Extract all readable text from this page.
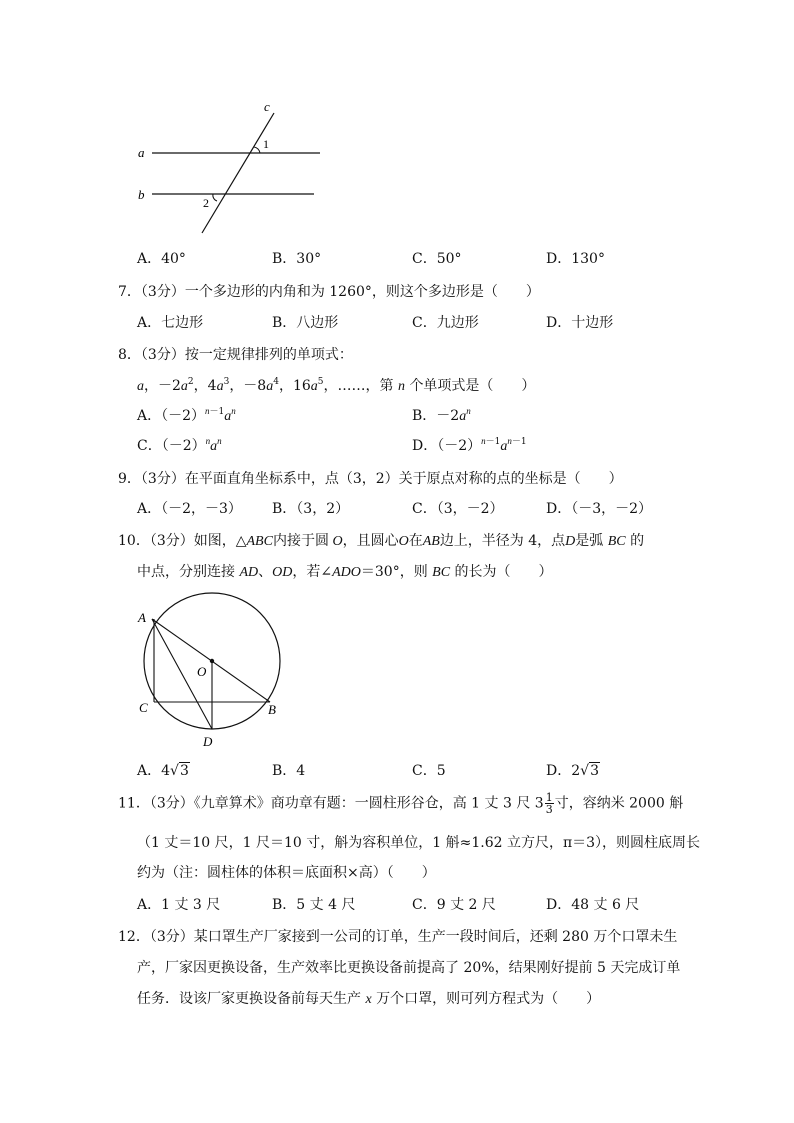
a
b
c
1
2
A．40°	B．30°	C．50°	D．130°
7．（3分）一个多边形的内角和为 1260°，则这个多边形是（　　）
A．七边形	B．八边形	C．九边形	D．十边形
8．（3分）按一定规律排列的单项式：
a，$-2a^2$，$4a^3$，$-8a^4$，$16a^5$，……，第 n 个单项式是（　　）
A．$(-2)^{n-1}a^n$	B．$-2a^n$
C．$(-2)^na^n$	D．$(-2)^{n-1}a^{n-1}$
9．（3分）在平面直角坐标系中，点（3，2）关于原点对称的点的坐标是（　　）
A．（－2，－3） B．（3，2）	C．（3，－2）	D．（－3，－2）
10．（3分）如图，△ABC内接于圆 O，且圆心O在AB边上，半径为 4，点D是弧 BC 的
中点，分别连接 AD、OD，若∠ADO＝30°，则 BC 的长为（　　）
A
O
C	B
D
A．4√3	B．4	C．5	D．2√3
11．（3分）《九章算术》商功章有题：一圆柱形谷仓，高 1 丈 3 尺 $3 \frac{1}{3}$ 寸，容纳米 2000 斛
（1 丈＝10 尺，1 尺＝10 寸，斛为容积单位，1 斛≈1.62 立方尺，π＝3），则圆柱底周长
约为（注：圆柱体的体积＝底面积×高）（　　）
A．1 丈 3 尺	B．5 丈 4 尺	C．9 丈 2 尺	D．48 丈 6 尺
12．（3分）某口罩生产厂家接到一公司的订单，生产一段时间后，还剩 280 万个口罩未生
产，厂家因更换设备，生产效率比更换设备前提高了 20%，结果刚好提前 5 天完成订单
任务．设该厂家更换设备前每天生产 x 万个口罩，则可列方程式为（　　）
